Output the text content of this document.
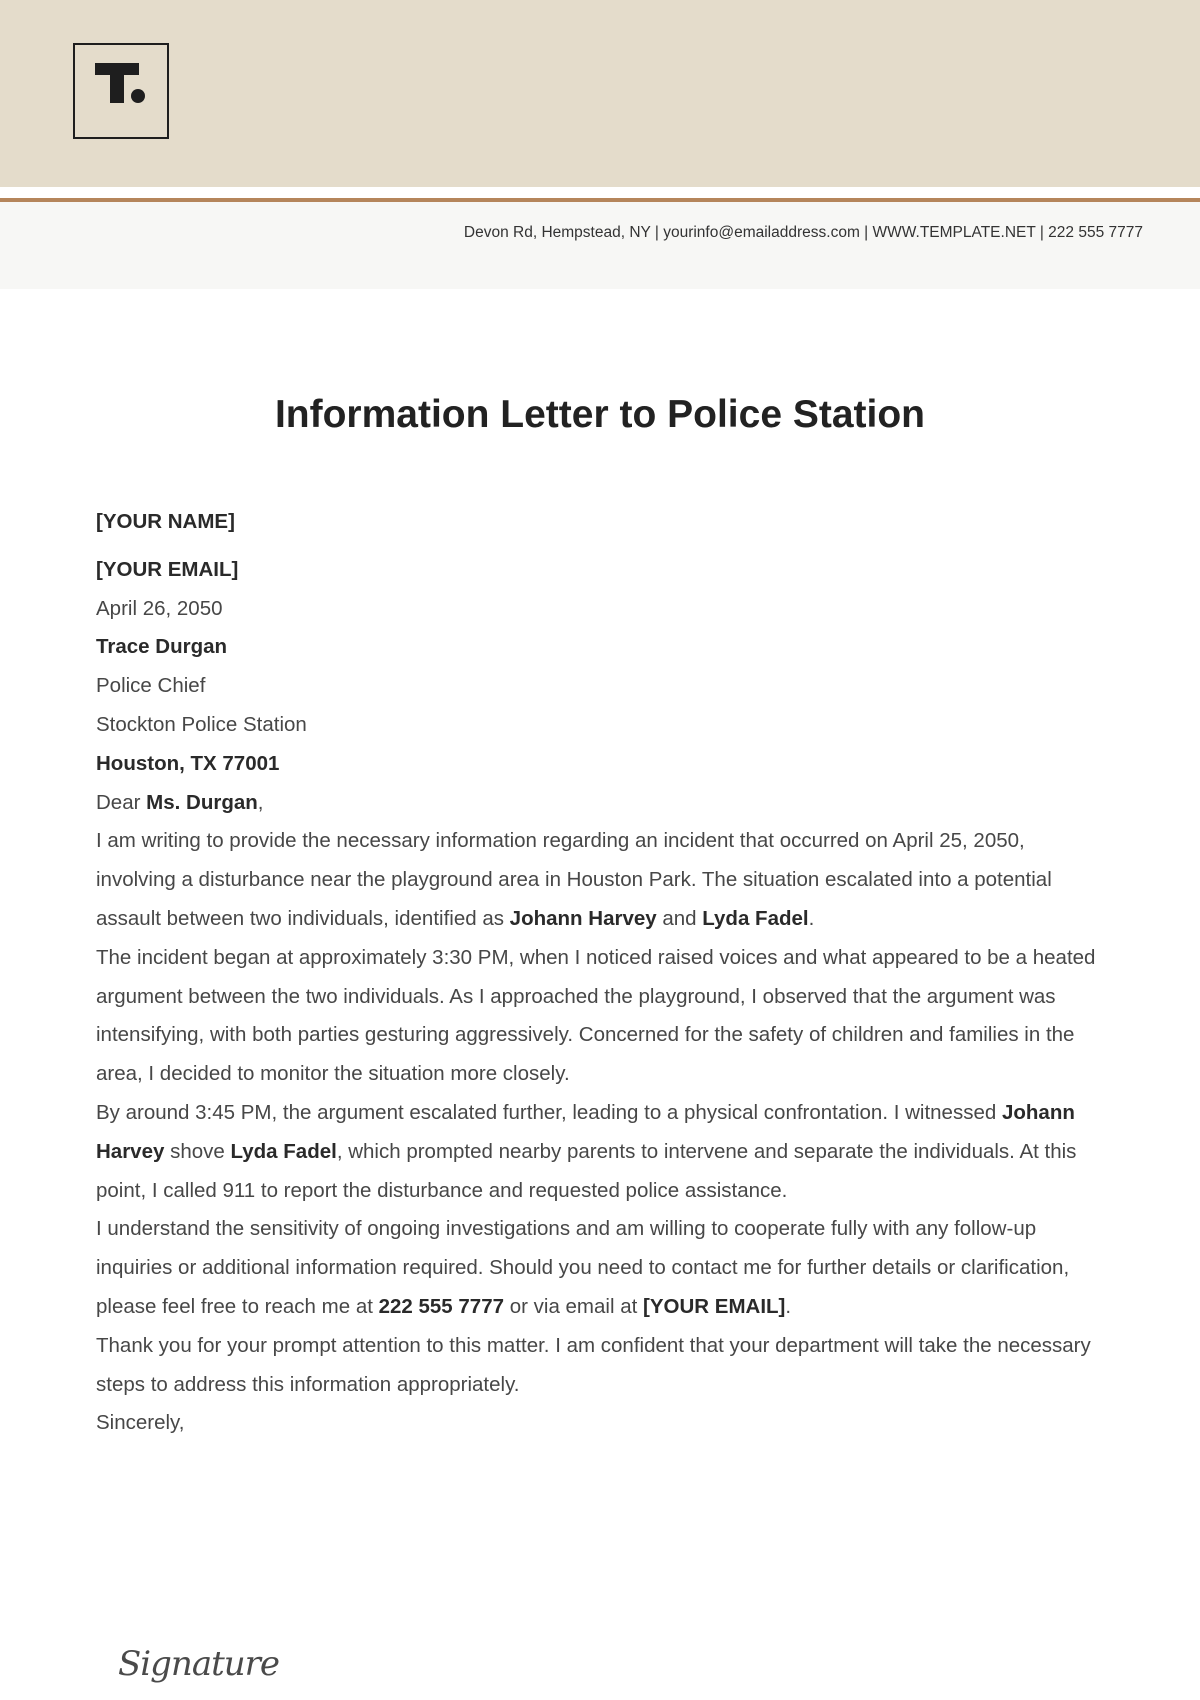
Devon Rd, Hempstead, NY | yourinfo@emailaddress.com | WWW.TEMPLATE.NET | 222 555 7777
Information Letter to Police Station

[YOUR NAME]

[YOUR EMAIL]

April 26, 2050

Trace Durgan

Police Chief

Stockton Police Station

Houston, TX 77001

Dear Ms. Durgan,

I am writing to provide the necessary information regarding an incident that occurred on April 25, 2050, involving a disturbance near the playground area in Houston Park. The situation escalated into a potential assault between two individuals, identified as Johann Harvey and Lyda Fadel.

The incident began at approximately 3:30 PM, when I noticed raised voices and what appeared to be a heated argument between the two individuals. As I approached the playground, I observed that the argument was intensifying, with both parties gesturing aggressively. Concerned for the safety of children and families in the area, I decided to monitor the situation more closely.

By around 3:45 PM, the argument escalated further, leading to a physical confrontation. I witnessed Johann Harvey shove Lyda Fadel, which prompted nearby parents to intervene and separate the individuals. At this point, I called 911 to report the disturbance and requested police assistance.

I understand the sensitivity of ongoing investigations and am willing to cooperate fully with any follow-up inquiries or additional information required. Should you need to contact me for further details or clarification, please feel free to reach me at 222 555 7777 or via email at [YOUR EMAIL].

Thank you for your prompt attention to this matter. I am confident that your department will take the necessary steps to address this information appropriately.

Sincerely,

Signature
